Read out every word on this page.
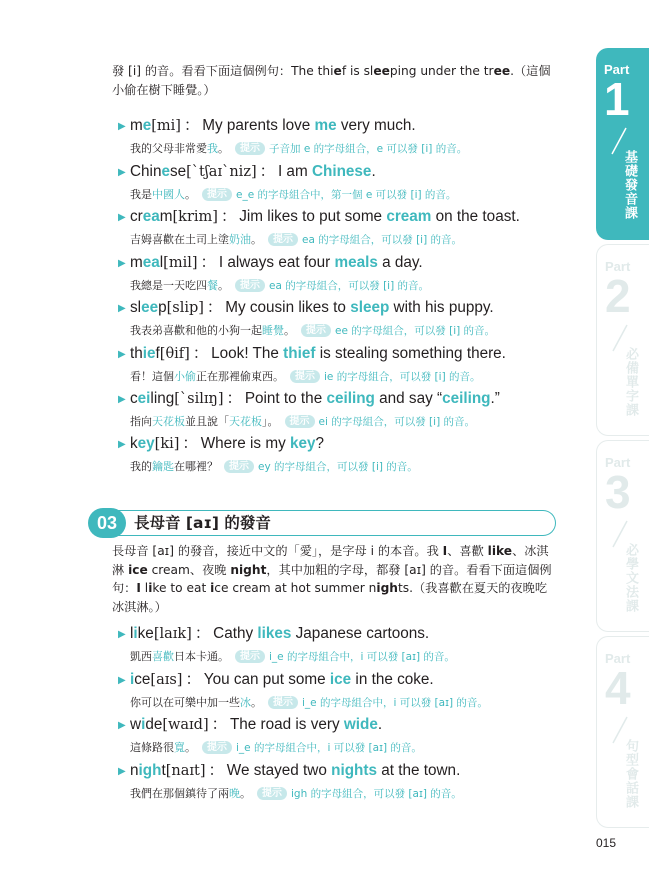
發 [i] 的音。看看下面這個例句：The thief is sleeping under the tree.（這個小偷在樹下睡覺。）
▶ me[mi] ： My parents love me very much.
我的父母非常愛我。 提示 子音加 e 的字母組合，e 可以發 [i] 的音。
▶ Chinese[ˋtʃaɪˋniz] ： I am Chinese.
我是中國人。 提示 e_e 的字母組合中，第一個 e 可以發 [i] 的音。
▶ cream[krim] ： Jim likes to put some cream on the toast.
吉姆喜歡在土司上塗奶油。 提示 ea 的字母組合，可以發 [i] 的音。
▶ meal[mil] ： I always eat four meals a day.
我總是一天吃四餐。 提示 ea 的字母組合，可以發 [i] 的音。
▶ sleep[slip] ： My cousin likes to sleep with his puppy.
我表弟喜歡和他的小狗一起睡覺。 提示 ee 的字母組合，可以發 [i] 的音。
▶ thief[θif] ： Look! The thief is stealing something there.
看！這個小偷正在那裡偷東西。 提示 ie 的字母組合，可以發 [i] 的音。
▶ ceiling[ˋsilɪŋ] ： Point to the ceiling and say “ceiling.”
指向天花板並且說「天花板」。 提示 ei 的字母組合，可以發 [i] 的音。
▶ key[ki] ： Where is my key?
我的鑰匙在哪裡？ 提示 ey 的字母組合，可以發 [i] 的音。
03	長母音 [aɪ] 的發音
長母音 [aɪ] 的發音，接近中文的「愛」，是字母 i 的本音。我 I、喜歡 like、冰淇淋 ice cream、夜晚 night，其中加粗的字母，都發 [aɪ] 的音。看看下面這個例句：I like to eat ice cream at hot summer nights.（我喜歡在夏天的夜晚吃冰淇淋。）
▶ like[laɪk] ： Cathy likes Japanese cartoons.
凱西喜歡日本卡通。 提示 i_e 的字母組合中，i 可以發 [aɪ] 的音。
▶ ice[aɪs] ： You can put some ice in the coke.
你可以在可樂中加一些冰。 提示 i_e 的字母組合中，i 可以發 [aɪ] 的音。
▶ wide[waɪd] ： The road is very wide.
這條路很寬。 提示 i_e 的字母組合中，i 可以發 [aɪ] 的音。
▶ night[naɪt] ： We stayed two nights at the town.
我們在那個鎮待了兩晚。 提示 igh 的字母組合，可以發 [aɪ] 的音。
Part
1
基礎發音課
Part
2
必備單字課
Part
3
必學文法課
Part
4
句型會話課
015
